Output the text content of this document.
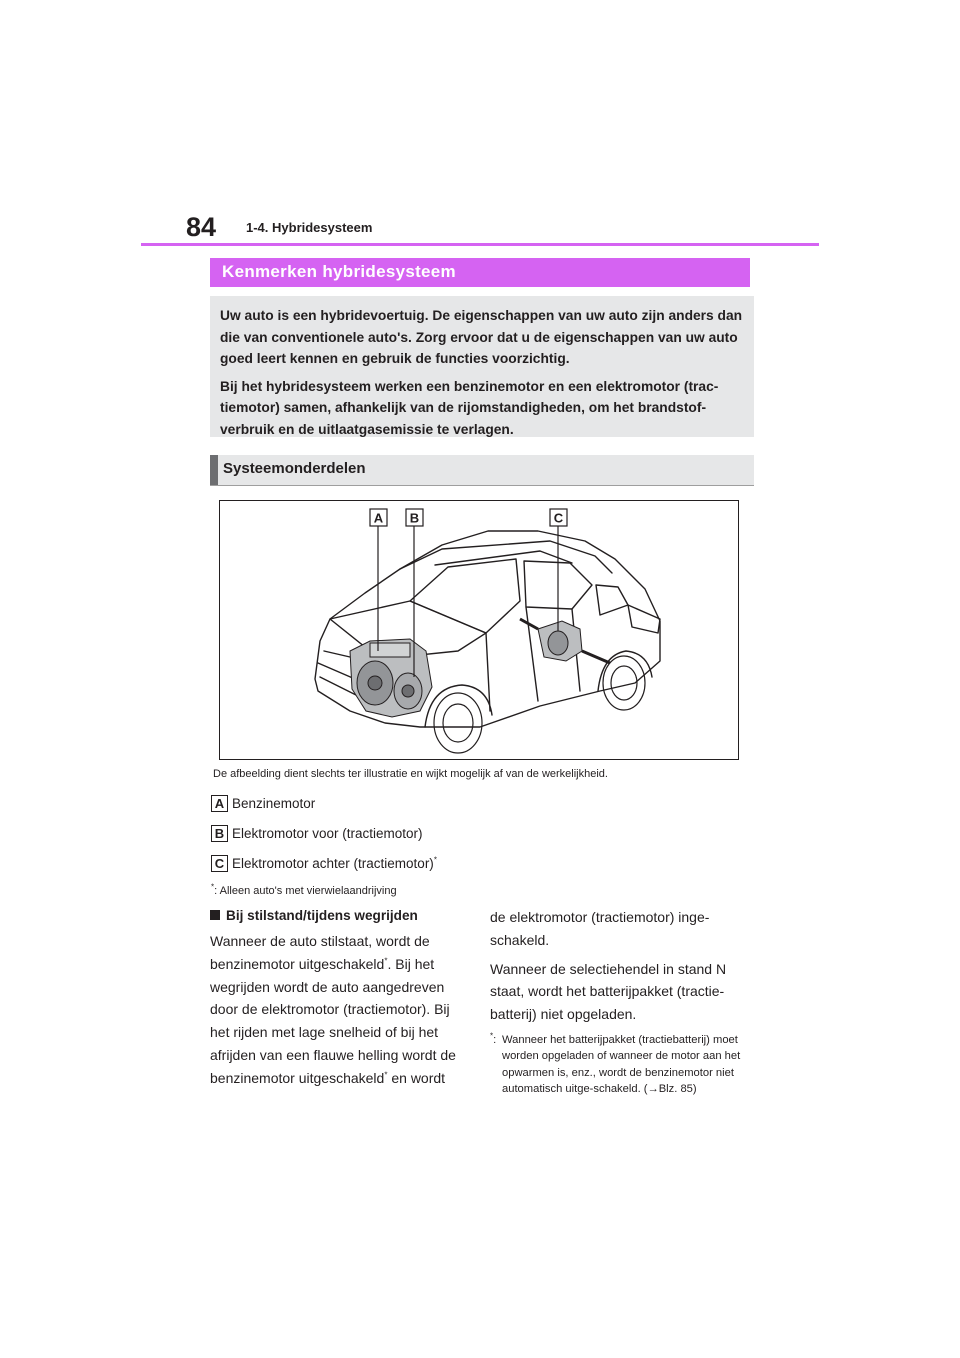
84 1-4. Hybridesysteem
Kenmerken hybridesysteem

Uw auto is een hybridevoertuig. De eigenschappen van uw auto zijn anders dan die van conventionele auto's. Zorg ervoor dat u de eigenschappen van uw auto goed leert kennen en gebruik de functies voorzichtig.

Bij het hybridesysteem werken een benzinemotor en een elektromotor (trac-tiemotor) samen, afhankelijk van de rijomstandigheden, om het brandstof-verbruik en de uitlaatgasemissie te verlagen.

Systeemonderdelen
A B	C
De afbeelding dient slechts ter illustratie en wijkt mogelijk af van de werkelijkheid.
A Benzinemotor
B Elektromotor voor (tractiemotor)
C Elektromotor achter (tractiemotor)*
*: Alleen auto's met vierwielaandrijving
Bij stilstand/tijdens wegrijden

Wanneer de auto stilstaat, wordt de benzinemotor uitgeschakeld*. Bij het wegrijden wordt de auto aangedreven door de elektromotor (tractiemotor). Bij het rijden met lage snelheid of bij het afrijden van een flauwe helling wordt de benzinemotor uitgeschakeld* en wordt

de elektromotor (tractiemotor) inge-schakeld.

Wanneer de selectiehendel in stand N staat, wordt het batterijpakket (tractie-batterij) niet opgeladen.

*: Wanneer het batterijpakket (tractiebatterij) moet worden opgeladen of wanneer de motor aan het opwarmen is, enz., wordt de benzinemotor niet automatisch uitge-schakeld. (→Blz. 85)
